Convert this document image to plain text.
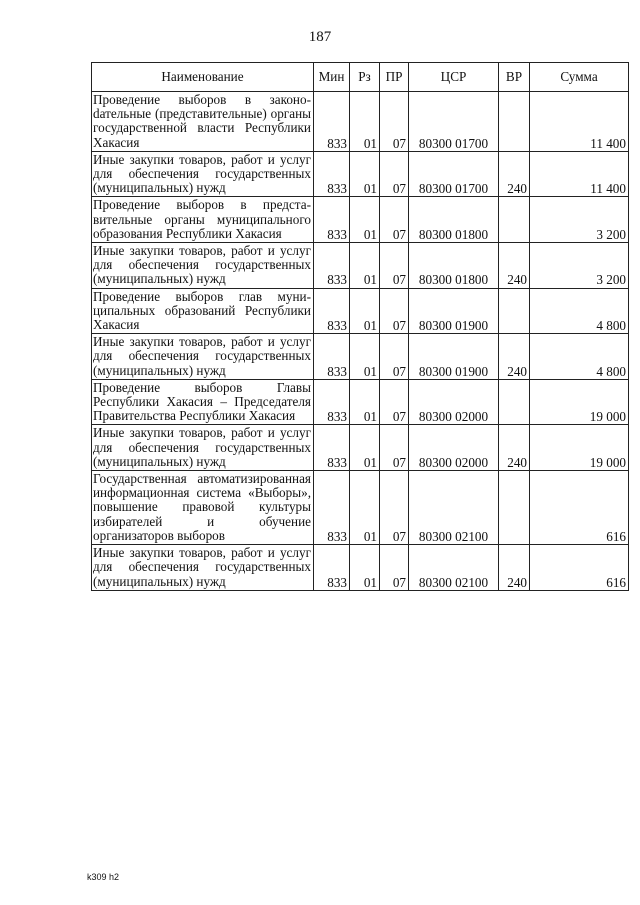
187
Наименование	Мин	Рз	ПР	ЦСР	ВР	Сумма
Проведение выборов в законоdательные (представительные) органы государственной власти Республики Хакасия	833	01	07	80300 01700		11 400
Иные закупки товаров, работ и услуг для обеспечения государственных (муниципальных) нужд	833	01	07	80300 01700	240	11 400
Проведение выборов в представительные органы муниципального образования Республики Хакасия	833	01	07	80300 01800		3 200
Иные закупки товаров, работ и услуг для обеспечения государственных (муниципальных) нужд	833	01	07	80300 01800	240	3 200
Проведение выборов глав муниципальных образований Республики Хакасия	833	01	07	80300 01900		4 800
Иные закупки товаров, работ и услуг для обеспечения государственных (муниципальных) нужд	833	01	07	80300 01900	240	4 800
Проведение выборов Главы Республики Хакасия – Председателя Правительства Республики Хакасия	833	01	07	80300 02000		19 000
Иные закупки товаров, работ и услуг для обеспечения государственных (муниципальных) нужд	833	01	07	80300 02000	240	19 000
Государственная автоматизированная информационная система «Выборы», повышение правовой культуры избирателей и обучение организаторов выборов	833	01	07	80300 02100		616
Иные закупки товаров, работ и услуг для обеспечения государственных (муниципальных) нужд	833	01	07	80300 02100	240	616
k309 h2
